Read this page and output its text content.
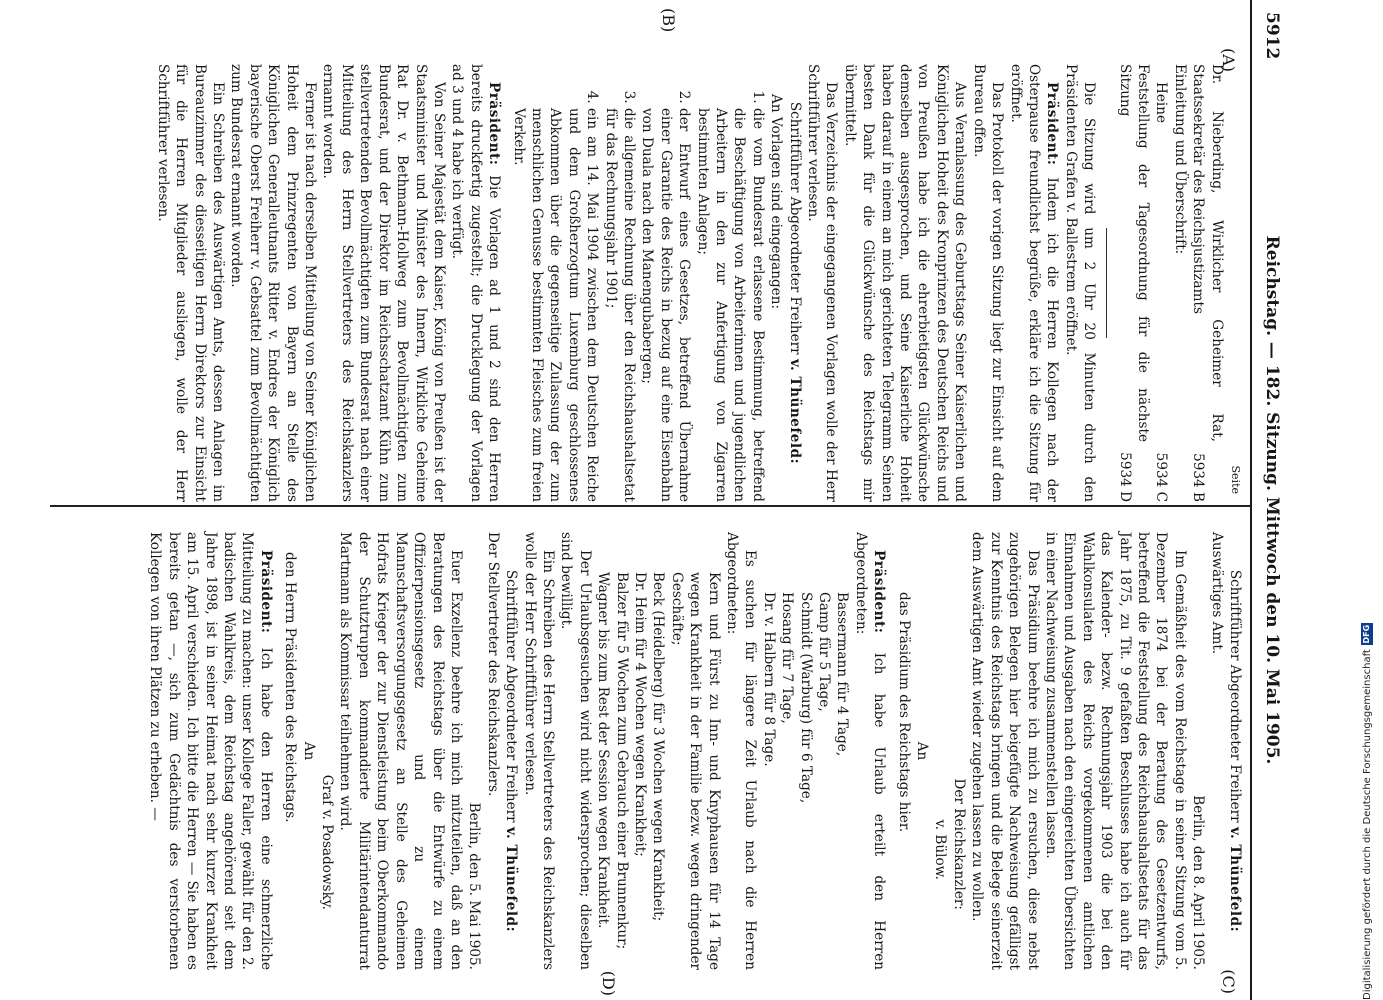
5912
Reichstag. — 182. Sitzung. Mittwoch den 10. Mai 1905.
(A)
(B)
(C)
(D)

Seite

Dr. Nieberding, Wirklicher Geheimer Rat, Staatssekretär des Reichsjustizamts
5934 B
Einleitung und Überschrift:
Heine
5934 C
Feststellung der Tagesordnung für die nächste Sitzung
5934 D

Die Sitzung wird um 2 Uhr 20 Minuten durch den Präsidenten Grafen v. Ballestrem eröffnet.

Präsident: Indem ich die Herren Kollegen nach der Osterpause freundlichst begrüße, erkläre ich die Sitzung für eröffnet.

Das Protokoll der vorigen Sitzung liegt zur Einsicht auf dem Bureau offen.

Aus Veranlassung des Geburtstags Seiner Kaiserlichen und Königlichen Hoheit des Kronprinzen des Deutschen Reichs und von Preußen habe ich die ehrerbietigsten Glückwünsche demselben ausgesprochen, und Seine Kaiserliche Hoheit haben darauf in einem an mich gerichteten Telegramm Seinen besten Dank für die Glückwünsche des Reichstags mir übermittelt.

Das Verzeichnis der eingegangenen Vorlagen wolle der Herr Schriftführer verlesen.

Schriftführer Abgeordneter Freiherr v. Thünefeld:

An Vorlagen sind eingegangen:

1. die vom Bundesrat erlassene Bestimmung, betreffend die Beschäftigung von Arbeiterinnen und jugendlichen Arbeitern in den zur Anfertigung von Zigarren bestimmten Anlagen;
2. der Entwurf eines Gesetzes, betreffend Übernahme einer Garantie des Reichs in bezug auf eine Eisenbahn von Duala nach den Manengubabergen;
3. die allgemeine Rechnung über den Reichshaushaltsetat für das Rechnungsjahr 1901;
4. ein am 14. Mai 1904 zwischen dem Deutschen Reiche und dem Großherzogtum Luxemburg geschlossenes Abkommen über die gegenseitige Zulassung der zum menschlichen Genusse bestimmten Fleisches zum freien Verkehr.

Präsident: Die Vorlagen ad 1 und 2 sind den Herren bereits druckfertig zugestellt; die Drucklegung der Vorlagen ad 3 und 4 habe ich verfügt.

Von Seiner Majestät dem Kaiser, König von Preußen ist der Staatsminister und Minister des Innern, Wirkliche Geheime Rat Dr. v. Bethmann-Hollweg zum Bevollmächtigten zum Bundesrat, und der Direktor im Reichsschatzamt Kühn zum stellvertretenden Bevollmächtigten zum Bundesrat nach einer Mitteilung des Herrn Stellvertreters des Reichskanzlers ernannt worden.

Ferner ist nach derselben Mitteilung von Seiner Königlichen Hoheit dem Prinzregenten von Bayern an Stelle des Königlichen Generalleutnants Ritter v. Endres der Königlich bayerische Oberst Freiherr v. Gebsattel zum Bevollmächtigten zum Bundesrat ernannt worden.

Ein Schreiben des Auswärtigen Amts, dessen Anlagen im Bureauzimmer des diesseitigen Herrn Direktors zur Einsicht für die Herren Mitglieder ausliegen, wolle der Herr Schriftführer verlesen.

Schriftführer Abgeordneter Freiherr v. Thünefeld:

Auswärtiges Amt.

Berlin, den 8. April 1905.

Im Gemäßheit des vom Reichstage in seiner Sitzung vom 5. Dezember 1874 bei der Beratung des Gesetzentwurfs, betreffend die Feststellung des Reichshaushaltsetats für das Jahr 1875, zu Tit. 9 gefaßten Beschlusses habe ich auch für das Kalender- bezw. Rechnungsjahr 1903 die bei den Wahlkonsulaten des Reichs vorgekommenen amtlichen Einnahmen und Ausgaben nach den eingereichten Übersichten in einer Nachweisung zusammenstellen lassen.

Das Präsidium beehre ich mich zu ersuchen, diese nebst zugehörigen Belegen hier beigefügte Nachweisung gefälligst zur Kenntnis des Reichstags bringen und die Belege seinerzeit dem Auswärtigen Amt wieder zugehen lassen zu wollen.

Der Reichskanzler:

v. Bülow.

An

das Präsidium des Reichstags hier.

Präsident: Ich habe Urlaub erteilt den Herren Abgeordneten:

Bassermann für 4 Tage,

Gamp für 5 Tage,

Schmidt (Warburg) für 6 Tage,

Hosang für 7 Tage,

Dr. v. Halbern für 8 Tage.

Es suchen für längere Zeit Urlaub nach die Herren Abgeordneten:

Kern und Fürst zu Inn- und Knyphausen für 14 Tage wegen Krankheit in der Familie bezw. wegen dringender Geschäfte;

Beck (Heidelberg) für 3 Wochen wegen Krankheit;

Dr. Heim für 4 Wochen wegen Krankheit;

Balzer für 5 Wochen zum Gebrauch einer Brunnenkur;

Wagner bis zum Rest der Session wegen Krankheit.

Der Urlaubsgesuchen wird nicht widersprochen; dieselben sind bewilligt.

Ein Schreiben des Herrn Stellvertreters des Reichskanzlers wolle der Herr Schriftführer verlesen.

Schriftführer Abgeordneter Freiherr v. Thünefeld:

Der Stellvertreter des Reichskanzlers.

Berlin, den 5. Mai 1905.

Euer Exzellenz beehre ich mich mitzuteilen, daß an den Beratungen des Reichstags über die Entwürfe zu einem Offizierpensionsgesetz und zu einem Mannschaftsversorgungsgesetz an Stelle des Geheimen Hofrats Krieger der zur Dienstleistung beim Oberkommando der Schutztruppen kommandierte Militärintendanturrat Martmann als Kommissar teilnehmen wird.

Graf v. Posadowsky.

An

den Herrn Präsidenten des Reichstags.

Präsident: Ich habe den Herren eine schmerzliche Mitteilung zu machen: unser Kollege Faller, gewählt für den 2. badischen Wahlkreis, dem Reichstag angehörend seit dem Jahre 1898, ist in seiner Heimat nach sehr kurzer Krankheit am 15. April verschieden. Ich bitte die Herren — Sie haben es bereits getan —, sich zum Gedächtnis des verstorbenen Kollegen von ihren Plätzen zu erheben. —	Digitalisierung gefördert durch die Deutsche Forschungsgemeinschaft
DFG
